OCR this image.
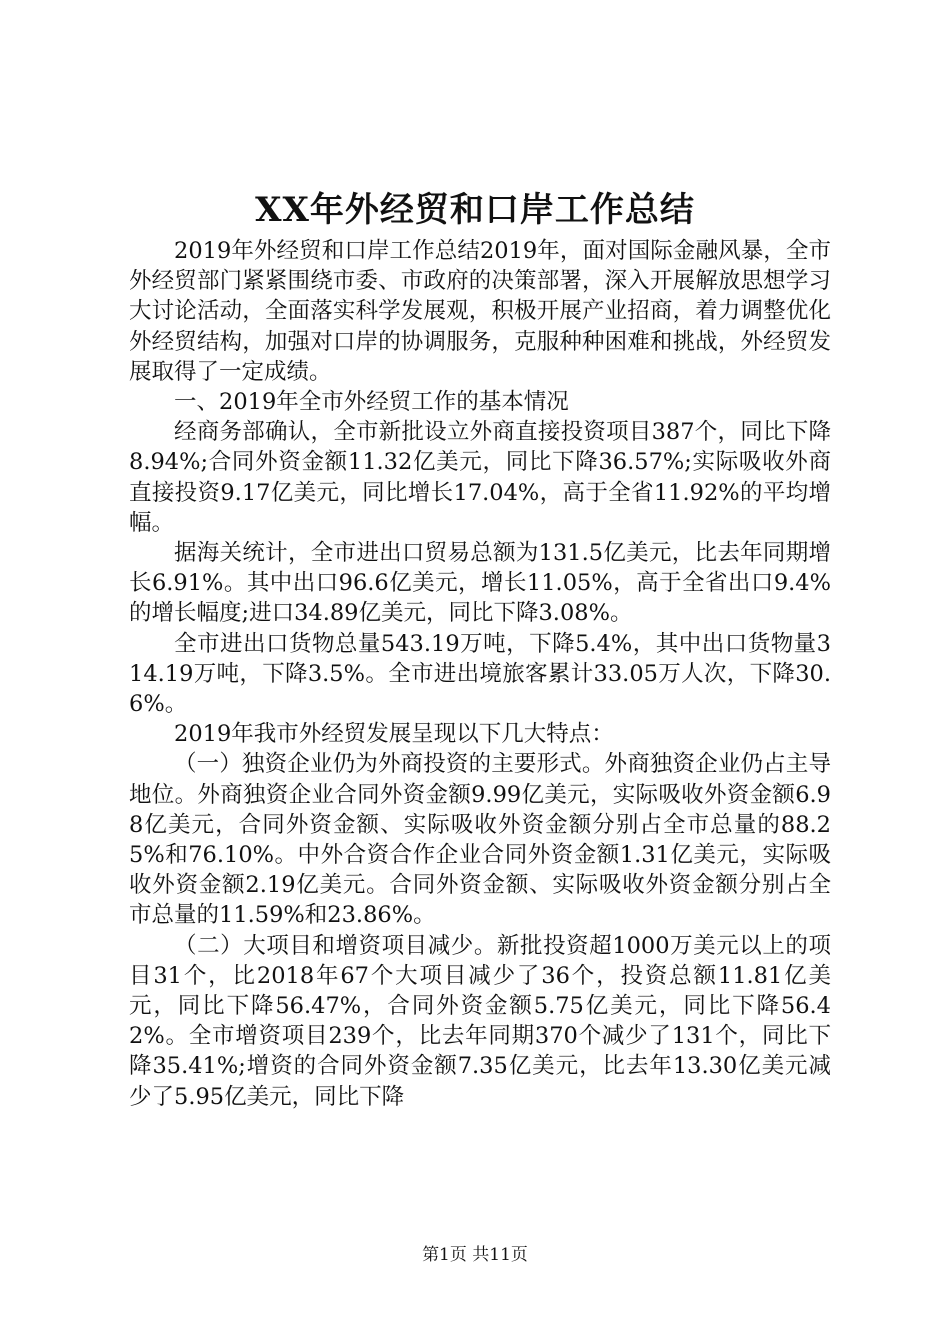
XX年外经贸和口岸工作总结

2019年外经贸和口岸工作总结2019年，面对国际金融风暴，全市外经贸部门紧紧围绕市委、市政府的决策部署，深入开展解放思想学习大讨论活动，全面落实科学发展观，积极开展产业招商，着力调整优化外经贸结构，加强对口岸的协调服务，克服种种困难和挑战，外经贸发展取得了一定成绩。

一、2019年全市外经贸工作的基本情况

经商务部确认，全市新批设立外商直接投资项目387个，同比下降8.94%;合同外资金额11.32亿美元，同比下降36.57%;实际吸收外商直接投资9.17亿美元，同比增长17.04%，高于全省11.92%的平均增幅。

据海关统计，全市进出口贸易总额为131.5亿美元，比去年同期增长6.91%。其中出口96.6亿美元，增长11.05%，高于全省出口9.4%的增长幅度;进口34.89亿美元，同比下降3.08%。

全市进出口货物总量543.19万吨，下降5.4%，其中出口货物量314.19万吨，下降3.5%。全市进出境旅客累计33.05万人次，下降30.6%。

2019年我市外经贸发展呈现以下几大特点：

（一）独资企业仍为外商投资的主要形式。外商独资企业仍占主导地位。外商独资企业合同外资金额9.99亿美元，实际吸收外资金额6.98亿美元，合同外资金额、实际吸收外资金额分别占全市总量的88.25%和76.10%。中外合资合作企业合同外资金额1.31亿美元，实际吸收外资金额2.19亿美元。合同外资金额、实际吸收外资金额分别占全市总量的11.59%和23.86%。

（二）大项目和增资项目减少。新批投资超1000万美元以上的项目31个，比2018年67个大项目减少了36个，投资总额11.81亿美元，同比下降56.47%，合同外资金额5.75亿美元，同比下降56.42%。全市增资项目239个，比去年同期370个减少了131个，同比下降35.41%;增资的合同外资金额7.35亿美元，比去年13.30亿美元减少了5.95亿美元，同比下降

第1页 共11页
